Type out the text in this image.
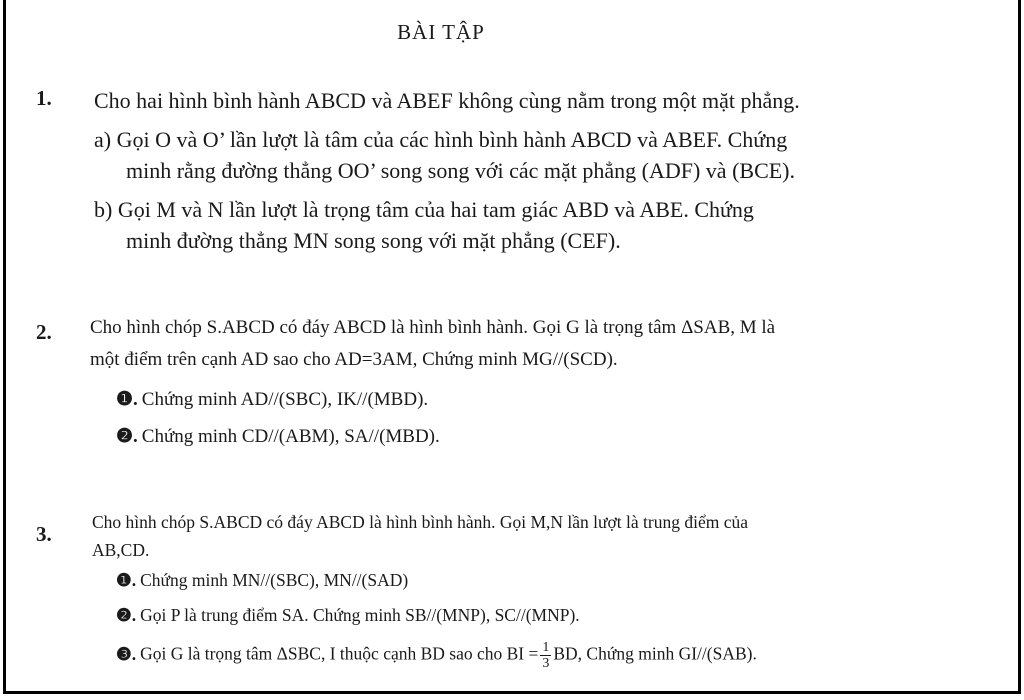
BÀI TẬP
1. Cho hai hình bình hành ABCD và ABEF không cùng nằm trong một mặt phẳng.
a) Gọi O và O’ lần lượt là tâm của các hình bình hành ABCD và ABEF. Chứng
minh rằng đường thẳng OO’ song song với các mặt phẳng (ADF) và (BCE).
b) Gọi M và N lần lượt là trọng tâm của hai tam giác ABD và ABE. Chứng
minh đường thẳng MN song song với mặt phẳng (CEF).
2. Cho hình chóp S.ABCD có đáy ABCD là hình bình hành. Gọi G là trọng tâm ΔSAB, M là
một điểm trên cạnh AD sao cho AD=3AM, Chứng minh MG//(SCD).
❶. Chứng minh AD//(SBC), IK//(MBD).
❷. Chứng minh CD//(ABM), SA//(MBD).
3. Cho hình chóp S.ABCD có đáy ABCD là hình bình hành. Gọi M,N lần lượt là trung điểm của
AB,CD.
❶. Chứng minh MN//(SBC), MN//(SAD)
❷. Gọi P là trung điểm SA. Chứng minh SB//(MNP), SC//(MNP).
❸. Gọi G là trọng tâm ΔSBC, I thuộc cạnh BD sao cho BI = $\frac{1}{3}$ BD, Chứng minh GI//(SAB).
